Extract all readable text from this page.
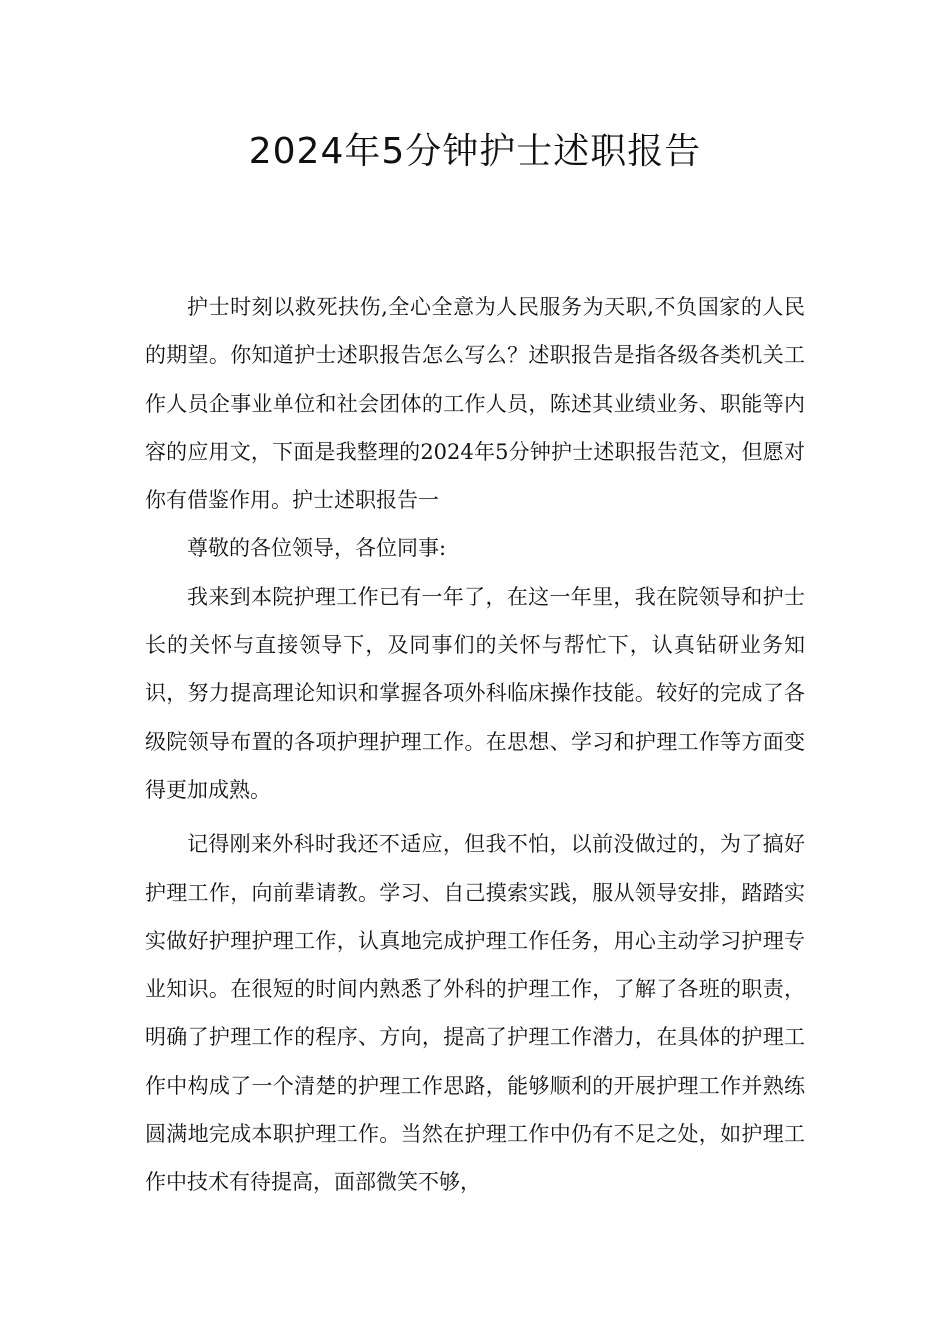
2024年5分钟护士述职报告

护士时刻以救死扶伤,全心全意为人民服务为天职,不负国家的人民的期望。你知道护士述职报告怎么写么？述职报告是指各级各类机关工作人员企事业单位和社会团体的工作人员，陈述其业绩业务、职能等内容的应用文，下面是我整理的2024年5分钟护士述职报告范文，但愿对你有借鉴作用。护士述职报告一

尊敬的各位领导，各位同事:

我来到本院护理工作已有一年了，在这一年里，我在院领导和护士长的关怀与直接领导下，及同事们的关怀与帮忙下，认真钻研业务知识，努力提高理论知识和掌握各项外科临床操作技能。较好的完成了各级院领导布置的各项护理护理工作。在思想、学习和护理工作等方面变得更加成熟。

记得刚来外科时我还不适应，但我不怕，以前没做过的，为了搞好护理工作，向前辈请教。学习、自己摸索实践，服从领导安排，踏踏实实做好护理护理工作，认真地完成护理工作任务，用心主动学习护理专业知识。在很短的时间内熟悉了外科的护理工作，了解了各班的职责，明确了护理工作的程序、方向，提高了护理工作潜力，在具体的护理工作中构成了一个清楚的护理工作思路，能够顺利的开展护理工作并熟练圆满地完成本职护理工作。当然在护理工作中仍有不足之处，如护理工作中技术有待提高，面部微笑不够，
